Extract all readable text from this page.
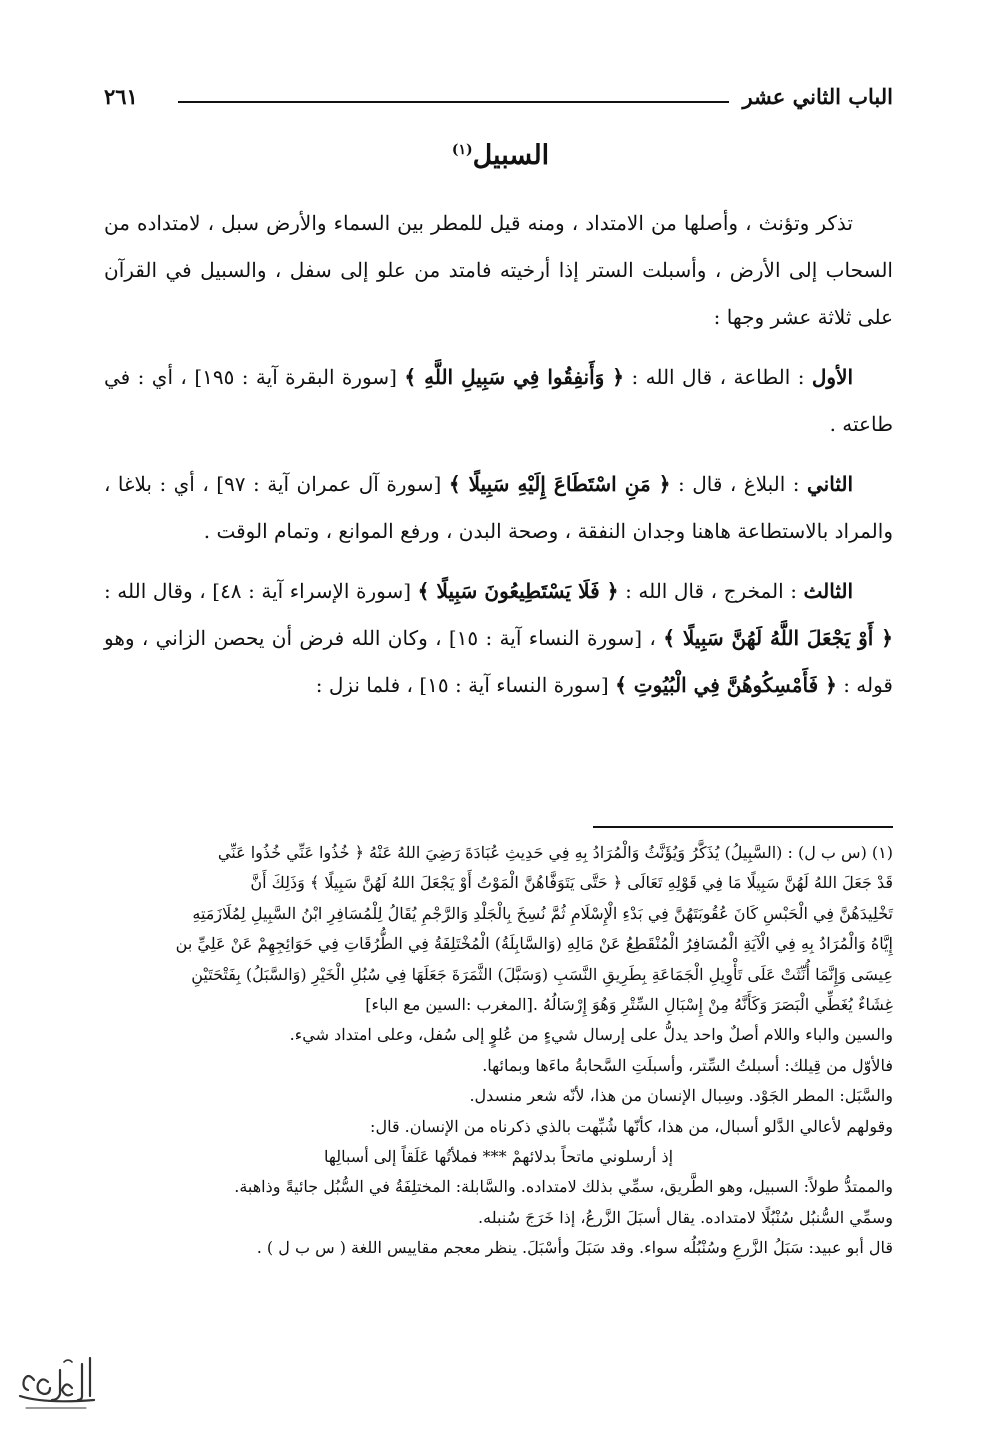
الباب الثاني عشر
٢٦١
السبيل$^{(١)}$

تذكر وتؤنث ، وأصلها من الامتداد ، ومنه قيل للمطر بين السماء والأرض سبل ، لامتداده من السحاب إلى الأرض ، وأسبلت الستر إذا أرخيته فامتد من علو إلى سفل ، والسبيل في القرآن على ثلاثة عشر وجها :

الأول : الطاعة ، قال الله : ﴿ وَأَنفِقُوا فِي سَبِيلِ اللَّهِ ﴾ [سورة البقرة آية : ١٩٥] ، أي : في طاعته .

الثاني : البلاغ ، قال : ﴿ مَنِ اسْتَطَاعَ إِلَيْهِ سَبِيلًا ﴾ [سورة آل عمران آية : ٩٧] ، أي : بلاغا ، والمراد بالاستطاعة هاهنا وجدان النفقة ، وصحة البدن ، ورفع الموانع ، وتمام الوقت .

الثالث : المخرج ، قال الله : ﴿ فَلَا يَسْتَطِيعُونَ سَبِيلًا ﴾ [سورة الإسراء آية : ٤٨] ، وقال الله : ﴿ أَوْ يَجْعَلَ اللَّهُ لَهُنَّ سَبِيلًا ﴾ ، [سورة النساء آية : ١٥] ، وكان الله فرض أن يحصن الزاني ، وهو قوله : ﴿ فَأَمْسِكُوهُنَّ فِي الْبُيُوتِ ﴾ [سورة النساء آية : ١٥] ، فلما نزل :

(١) (س ب ل) : (السَّبِيلُ) يُذَكَّرُ وَيُؤَنَّثُ وَالْمُرَادُ بِهِ فِي حَدِيثِ عُبَادَةَ رَضِيَ اللهُ عَنْهُ ﴿ خُذُوا عَنِّي خُذُوا عَنِّي

قَدْ جَعَلَ اللهُ لَهُنَّ سَبِيلًا مَا فِي قَوْلِهِ تَعَالَى ﴿ حَتَّى يَتَوَفَّاهُنَّ الْمَوْتُ أَوْ يَجْعَلَ اللهُ لَهُنَّ سَبِيلًا ﴾ وَذَلِكَ أَنَّ

تَخْلِيدَهُنَّ فِي الْحَبْسِ كَانَ عُقُوبَتَهُنَّ فِي بَدْءِ الْإِسْلَامِ ثُمَّ نُسِخَ بِالْجَلْدِ وَالرَّجْمِ يُقَالُ لِلْمُسَافِرِ ابْنُ السَّبِيلِ لِمُلَازَمَتِهِ

إِيَّاهُ وَالْمُرَادُ بِهِ فِي الْآيَةِ الْمُسَافِرُ الْمُنْقَطِعُ عَنْ مَالِهِ (وَالسَّابِلَةُ) الْمُخْتَلِفَةُ فِي الطُّرُقَاتِ فِي حَوَائِجِهِمْ عَنْ عَلِيِّ بن

عِيسَى وَإِنَّمَا أُنِّثَتْ عَلَى تَأْوِيلِ الْجَمَاعَةِ بِطَرِيقِ النَّسَبِ (وَسَبَّلَ) الثَّمَرَةَ جَعَلَهَا فِي سُبُلِ الْخَيْرِ (وَالسَّبَلُ) بِفَتْحَتَيْنِ

غِشَاءٌ يُغَطِّي الْبَصَرَ وَكَأَنَّهُ مِنْ إِسْبَالِ السِّتْرِ وَهُوَ إِرْسَالُهُ .[المغرب :السين مع الباء]

والسين والباء واللام أصلٌ واحد يدلُّ على إرسال شيءٍ من عُلوٍ إلى سُفل، وعلى امتداد شيء.

فالأوّل من قِيلك: أسبلتُ السِّتر، وأسبلَتِ السَّحابةُ ماءَها وبمائها.

والسَّبَل: المطر الجَوْد. وسِبال الإنسان من هذا، لأنّه شعر منسدل.

وقولهم لأعالي الدَّلو أسبال، من هذا، كأنّها شُبِّهت بالذي ذكرناه من الإنسان. قال:

إذ أرسلوني ماتحاً بدلائهمْ *** فملأتُها عَلَقاً إلى أسبالِها

والممتدُّ طولاً: السبيل، وهو الطَّريق، سمِّي بذلك لامتداده. والسَّابلة: المختلِفَةُ في السُّبُل جائيةً وذاهبة.

وسمِّي السُّنبُل سُنْبُلًا لامتداده. يقال أسبَلَ الزَّرعُ، إذا خَرَجَ سُنبله.

قال أبو عبيد: سَبَلُ الزَّرعِ وسُنْبُلُه سواء. وقد سَبَلَ وأسْبَلَ. ينظر معجم مقاييس اللغة ( س ب ل ) .
